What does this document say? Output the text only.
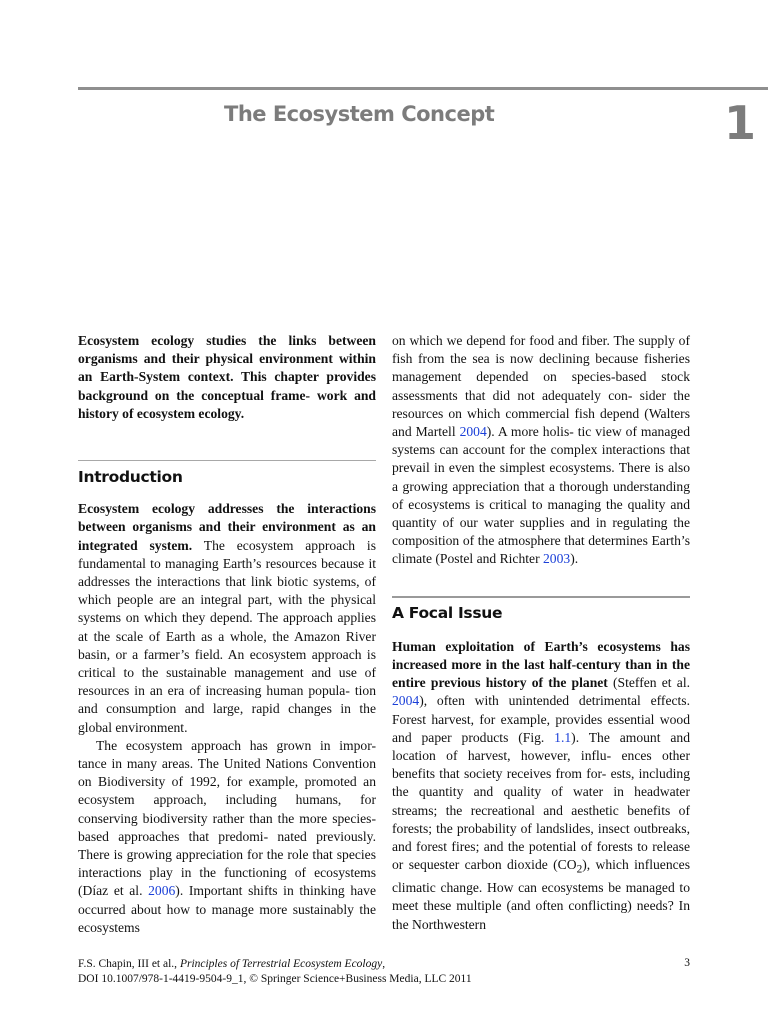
The Ecosystem Concept	1

Ecosystem ecology studies the links between organisms and their physical environment within an Earth-System context. This chapter provides background on the conceptual frame- work and history of ecosystem ecology.

Introduction

Ecosystem ecology addresses the interactions between organisms and their environment as an integrated system. The ecosystem approach is fundamental to managing Earth’s resources because it addresses the interactions that link biotic systems, of which people are an integral part, with the physical systems on which they depend. The approach applies at the scale of Earth as a whole, the Amazon River basin, or a farmer’s field. An ecosystem approach is critical to the sustainable management and use of resources in an era of increasing human popula- tion and consumption and large, rapid changes in the global environment.

The ecosystem approach has grown in impor- tance in many areas. The United Nations Convention on Biodiversity of 1992, for example, promoted an ecosystem approach, including humans, for conserving biodiversity rather than the more species-based approaches that predomi- nated previously. There is growing appreciation for the role that species interactions play in the functioning of ecosystems (Díaz et al. 2006). Important shifts in thinking have occurred about how to manage more sustainably the ecosystems

on which we depend for food and fiber. The supply of fish from the sea is now declining because fisheries management depended on species-based stock assessments that did not adequately con- sider the resources on which commercial fish depend (Walters and Martell 2004). A more holis- tic view of managed systems can account for the complex interactions that prevail in even the simplest ecosystems. There is also a growing appreciation that a thorough understanding of ecosystems is critical to managing the quality and quantity of our water supplies and in regulating the composition of the atmosphere that determines Earth’s climate (Postel and Richter 2003).

A Focal Issue

Human exploitation of Earth’s ecosystems has increased more in the last half-century than in the entire previous history of the planet (Steffen et al. 2004), often with unintended detrimental effects. Forest harvest, for example, provides essential wood and paper products (Fig. 1.1). The amount and location of harvest, however, influ- ences other benefits that society receives from for- ests, including the quantity and quality of water in headwater streams; the recreational and aesthetic benefits of forests; the probability of landslides, insect outbreaks, and forest fires; and the potential of forests to release or sequester carbon dioxide $(CO_2)$, which influences climatic change. How can ecosystems be managed to meet these multiple (and often conflicting) needs? In the Northwestern

F.S. Chapin, III et al., Principles of Terrestrial Ecosystem Ecology,
DOI 10.1007/978-1-4419-9504-9_1, © Springer Science+Business Media, LLC 2011
3
